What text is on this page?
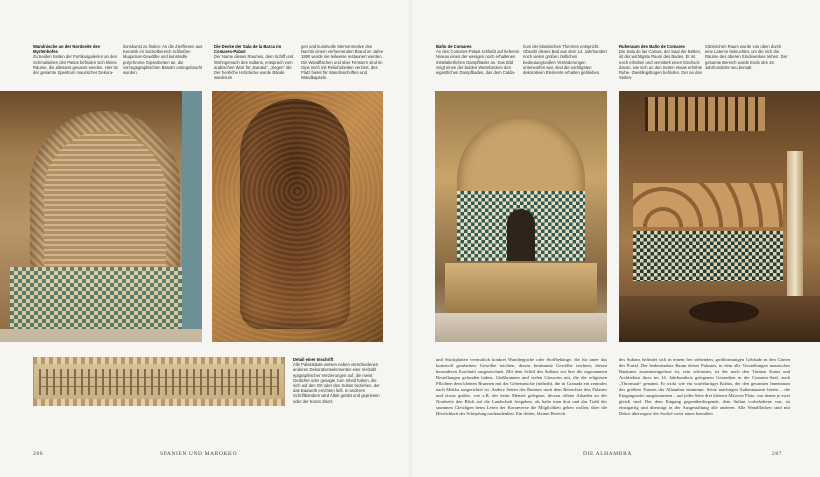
Wandnische an der Nordseite des Myrtenhofes
Zu beiden Seiten der Portikusgalerien an den Schmalseiten des Patios befinden sich kleine Räume, die allesamt genannt werden. Hier ist der gesamte Spektrum maurischer Dekora-
tionskunst zu finden: An die Zierfliesen aus Keramik im Sockelbereich schließen Muqarnas-Gewölbe und kunstvolle polychrome Gipsarbeiten an, die vorzugsgraphischen Bänder untergebracht wurden.
Die Decke der Sala de la Barca im Comares-Palast
Der Name dieses Raumes, dem Schiff und Wohngemach des Sultans, entsprach vom arabischen Wort für „Baraka“, „Segen“ die Der herrliche Holzdecke wurde Bände wiederum
gen und kunstvolle Sternenmotive des Nachts einem verheerenden Brand im Jahre 1890 wurde sie teilweise restauriert werden. Die Wandflächen und über Fenstern sind im Gips reich mit Reliefarbeiten verziert, des Platz bietet für Wandinschriften und Wandkapseln.
Baño de Comares
An den Comares-Palast schließt auf tieferem Niveau eines der wenigen noch erhaltenen mittelalterlichen Dampfbäder an. Das Bild zeigt einen der beiden Warmbecken des eigentlichen Dampfbades, das dem Calda-
rium der klassischen Thermen entspricht. Obwohl dieses Bad aus dem 14. Jahrhundert noch vielen großen zeitlichen bedeutungsvollen Veränderungen unterworfen war, sind die wichtigsten dekorativen Elemente erhalten geblieben.
Ruheraum des Baño de Comares
Die Sala de las Camas, der Saal der Betten, ist der wichtigste Raum des Bades. Er ist noch erhalten und vermittelt einen Eindruck davon, wie sich an den Seiten etwas erhöhte Ruhe- Zweitlingsbogen befinden. Der an den Seiten-
Sitznischen Raum wurde von oben durch eine Laterne beleuchtet, um die sich die Räume des oberen Stockwerkes reihen. Der gesamte Bereich wurde Ende des 19. Jahrhunderts neu bemalt.
Detail einer Inschrift
Alle Palastsäale weisen neben verschiedenen anderen Dekorationselementen eine Vielzahl epigraphischer Verzierungen auf, die meist Gedichte oder gesagte zum Inhalt haben, die sich auf den Ort oder den Sultan beziehen, der das Bauwerk errichten ließ. In anderen Schriftbändern wird Allah gelobt und gepriesen oder der Koran zitiert.
und Stuckplatten vermutlich konkret Wandteppiche oder Stoffbehänge, die für unter das kunstvoll gearbeitete Gewölbe reichten, diesen bestimmte Gewölbe reichten; diesen besonderen Zuschnitt ausgezeichnet. Mit dem Schiff des Sultans wir hier die sogenannten Bestellungen gefunden haben, Gießbrunnen und vielen Glaswein mit, die die religiösen Pflichten dem kleinen Brunnen mit der Gebetsnische (mihrab), die in Granada ein zentrales nach Mekka ausgerichtet ist. Andere Seiten des Raumes nach dem Betrachter den Palastes und etwas größer, wie z.B. der beim Menzel gelegene, dessen offene Arkaden an der Nordseite den Blick auf die Landschaft freigeben, als hafte man dort und das Trahl der stummen Gleichgen beim Lesen der Koranverse die Möglichkeit geben wollen, über die Herrlichkeit der Schöpfung nachzudenken. Ein dritter, kleiner Bereich
des Sultans befindet sich in einem frei stehenden, großformatigen Gebäude in den Gärten des Portal. Der bedeutendste Raum dieses Palastes, in dem alle Vorstellungen maurischer Baukunst zusammengefasst ist, sein schönstes, ist der nach den Türmen Kunst und Architektur ihres im 14. Jahrhunderts gelegenen Gesandten in der Comares-Saal, auch „Thronsaal“ genannt. Er wirkt wie ein würfelartiger Kubus, der den gesamten Innenraum des größten Turmes der Alhambra einnimmt. Seine mächtigen Außenmauern bieten – die Eingangsseite ausgenommen – auf jeder Seite drei kleinen Alkoven Platz, von denen je zwei gleich sind. Der dem Eingang gegenüberliegende, dem Sultan vorbehaltene war, ist einzigartig und überträgt in der Ausgestaltung alle anderen. Alle Wandflächen sind mit Dekor überzogen: der Sockel weist einen bemalten
286	SPANIEN UND MAROKKO	DIE ALHAMBRA	287
